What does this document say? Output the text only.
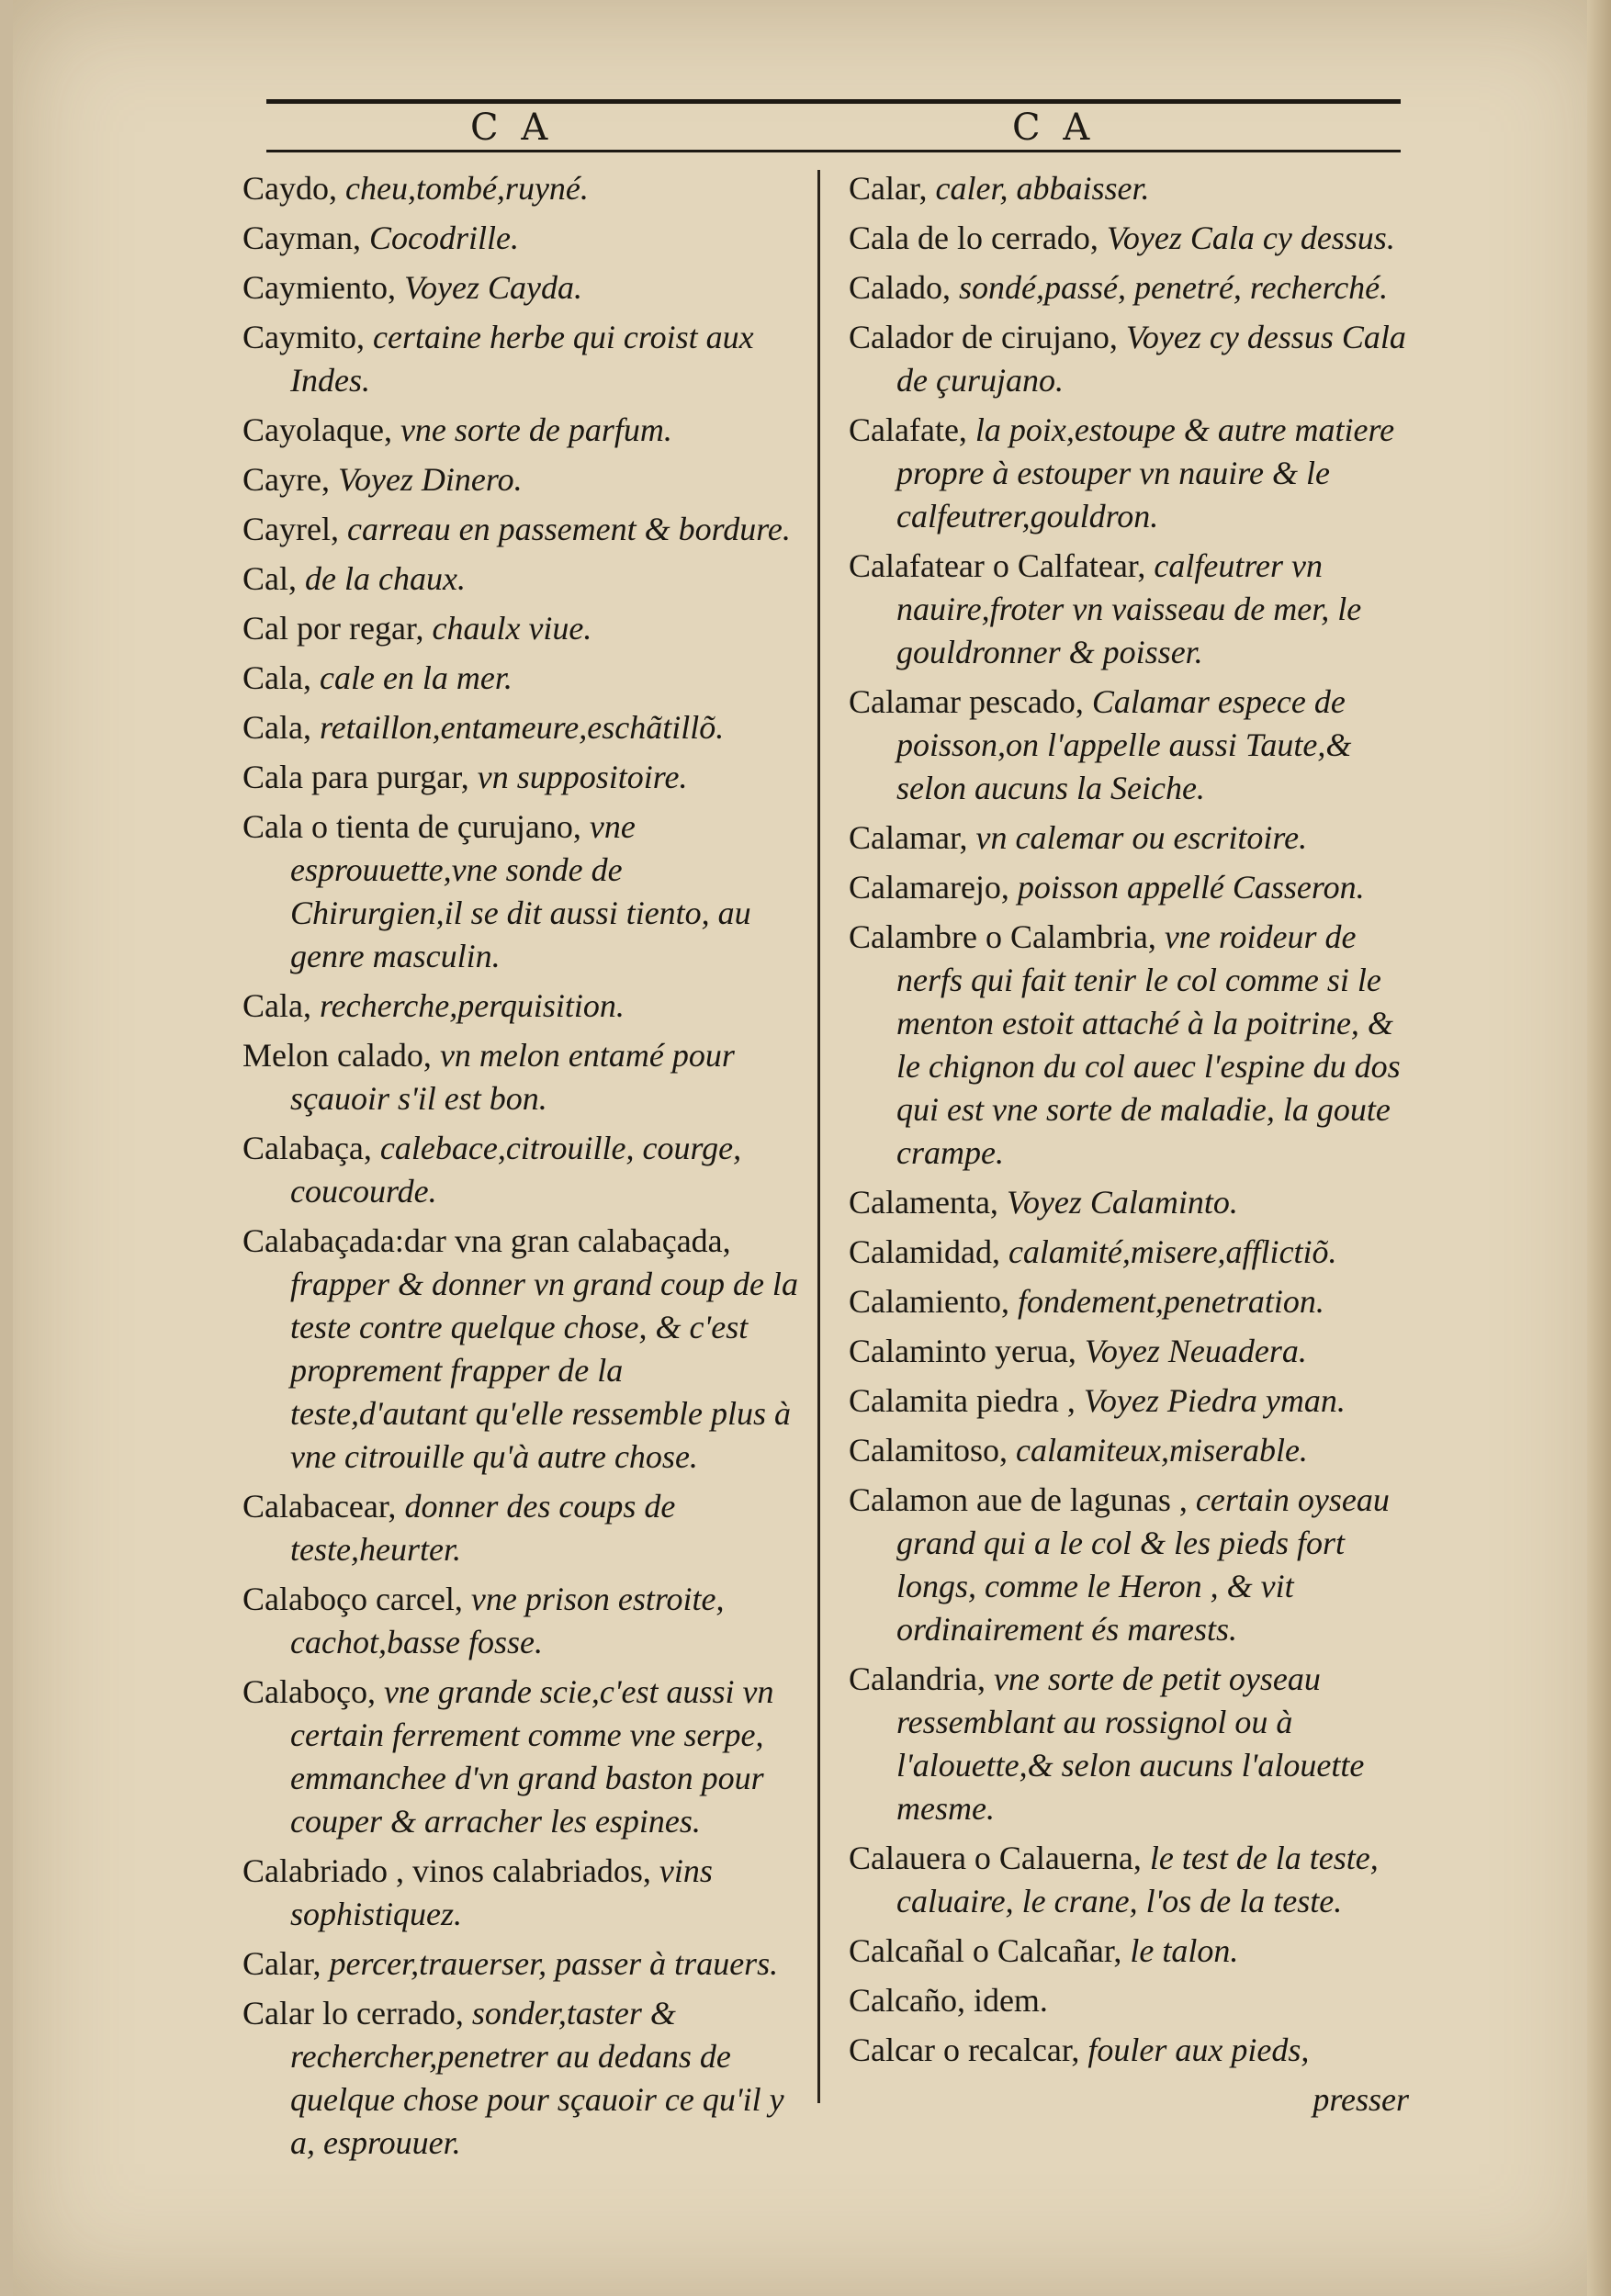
C A	C A
Caydo, cheu,tombé,ruyné.
Cayman, Cocodrille.
Caymiento, Voyez Cayda.
Caymito, certaine herbe qui croist aux Indes.
Cayolaque, vne sorte de parfum.
Cayre, Voyez Dinero.
Cayrel, carreau en passement & bordure.
Cal, de la chaux.
Cal por regar, chaulx viue.
Cala, cale en la mer.
Cala, retaillon,entameure,eschãtillõ.
Cala para purgar, vn suppositoire.
Cala o tienta de çurujano, vne esprouuette,vne sonde de Chirurgien,il se dit aussi tiento, au genre masculin.
Cala, recherche,perquisition.
Melon calado, vn melon entamé pour sçauoir s'il est bon.
Calabaça, calebace,citrouille, courge, coucourde.
Calabaçada:dar vna gran calabaçada, frapper & donner vn grand coup de la teste contre quelque chose, & c'est proprement frapper de la teste,d'autant qu'elle ressemble plus à vne citrouille qu'à autre chose.
Calabacear, donner des coups de teste,heurter.
Calaboço carcel, vne prison estroite, cachot,basse fosse.
Calaboço, vne grande scie,c'est aussi vn certain ferrement comme vne serpe, emmanchee d'vn grand baston pour couper & arracher les espines.
Calabriado , vinos calabriados, vins sophistiquez.
Calar, percer,trauerser, passer à trauers.
Calar lo cerrado, sonder,taster & rechercher,penetrer au dedans de quelque chose pour sçauoir ce qu'il y a, esprouuer.
Calar, caler, abbaisser.
Cala de lo cerrado, Voyez Cala cy dessus.
Calado, sondé,passé, penetré, recherché.
Calador de cirujano, Voyez cy dessus Cala de çurujano.
Calafate, la poix,estoupe & autre matiere propre à estouper vn nauire & le calfeutrer,gouldron.
Calafatear o Calfatear, calfeutrer vn nauire,froter vn vaisseau de mer, le gouldronner & poisser.
Calamar pescado, Calamar espece de poisson,on l'appelle aussi Taute,& selon aucuns la Seiche.
Calamar, vn calemar ou escritoire.
Calamarejo, poisson appellé Casseron.
Calambre o Calambria, vne roideur de nerfs qui fait tenir le col comme si le menton estoit attaché à la poitrine, & le chignon du col auec l'espine du dos qui est vne sorte de maladie, la goute crampe.
Calamenta, Voyez Calaminto.
Calamidad, calamité,misere,afflictiõ.
Calamiento, fondement,penetration.
Calaminto yerua, Voyez Neuadera.
Calamita piedra , Voyez Piedra yman.
Calamitoso, calamiteux,miserable.
Calamon aue de lagunas , certain oyseau grand qui a le col & les pieds fort longs, comme le Heron , & vit ordinairement és marests.
Calandria, vne sorte de petit oyseau ressemblant au rossignol ou à l'alouette,& selon aucuns l'alouette mesme.
Calauera o Calauerna, le test de la teste, caluaire, le crane, l'os de la teste.
Calcañal o Calcañar, le talon.
Calcaño, idem.
Calcar o recalcar, fouler aux pieds,
presser
